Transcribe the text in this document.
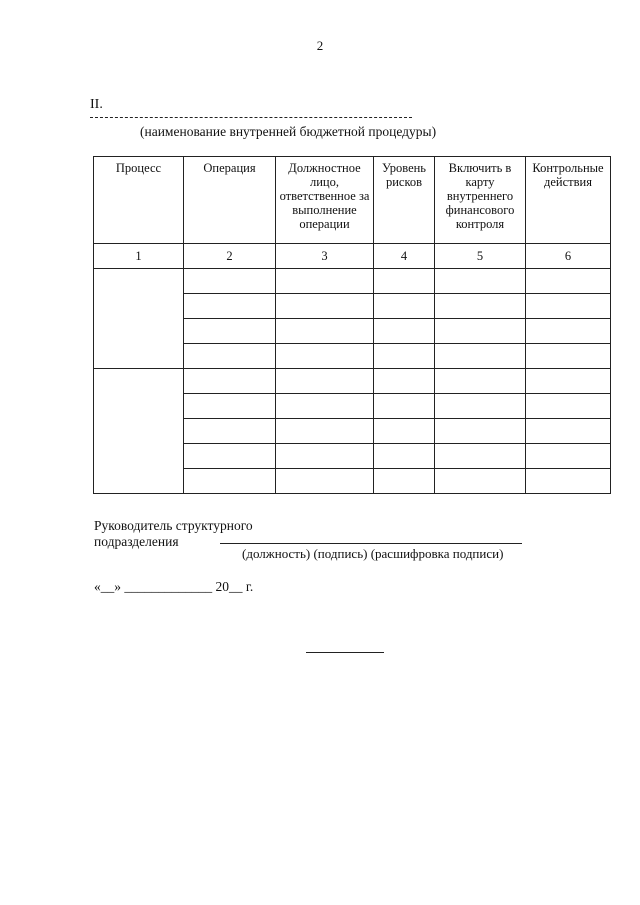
2
II.
(наименование внутренней бюджетной процедуры)
Процесс	Операция	Должностное лицо, ответственное за выполнение операции	Уровень рисков	Включить в карту внутреннего финансового контроля	Контрольные действия
1	2	3	4	5	6

Руководитель структурного
подразделения
(должность) (подпись) (расшифровка подписи)
«__» _____________ 20__ г.
